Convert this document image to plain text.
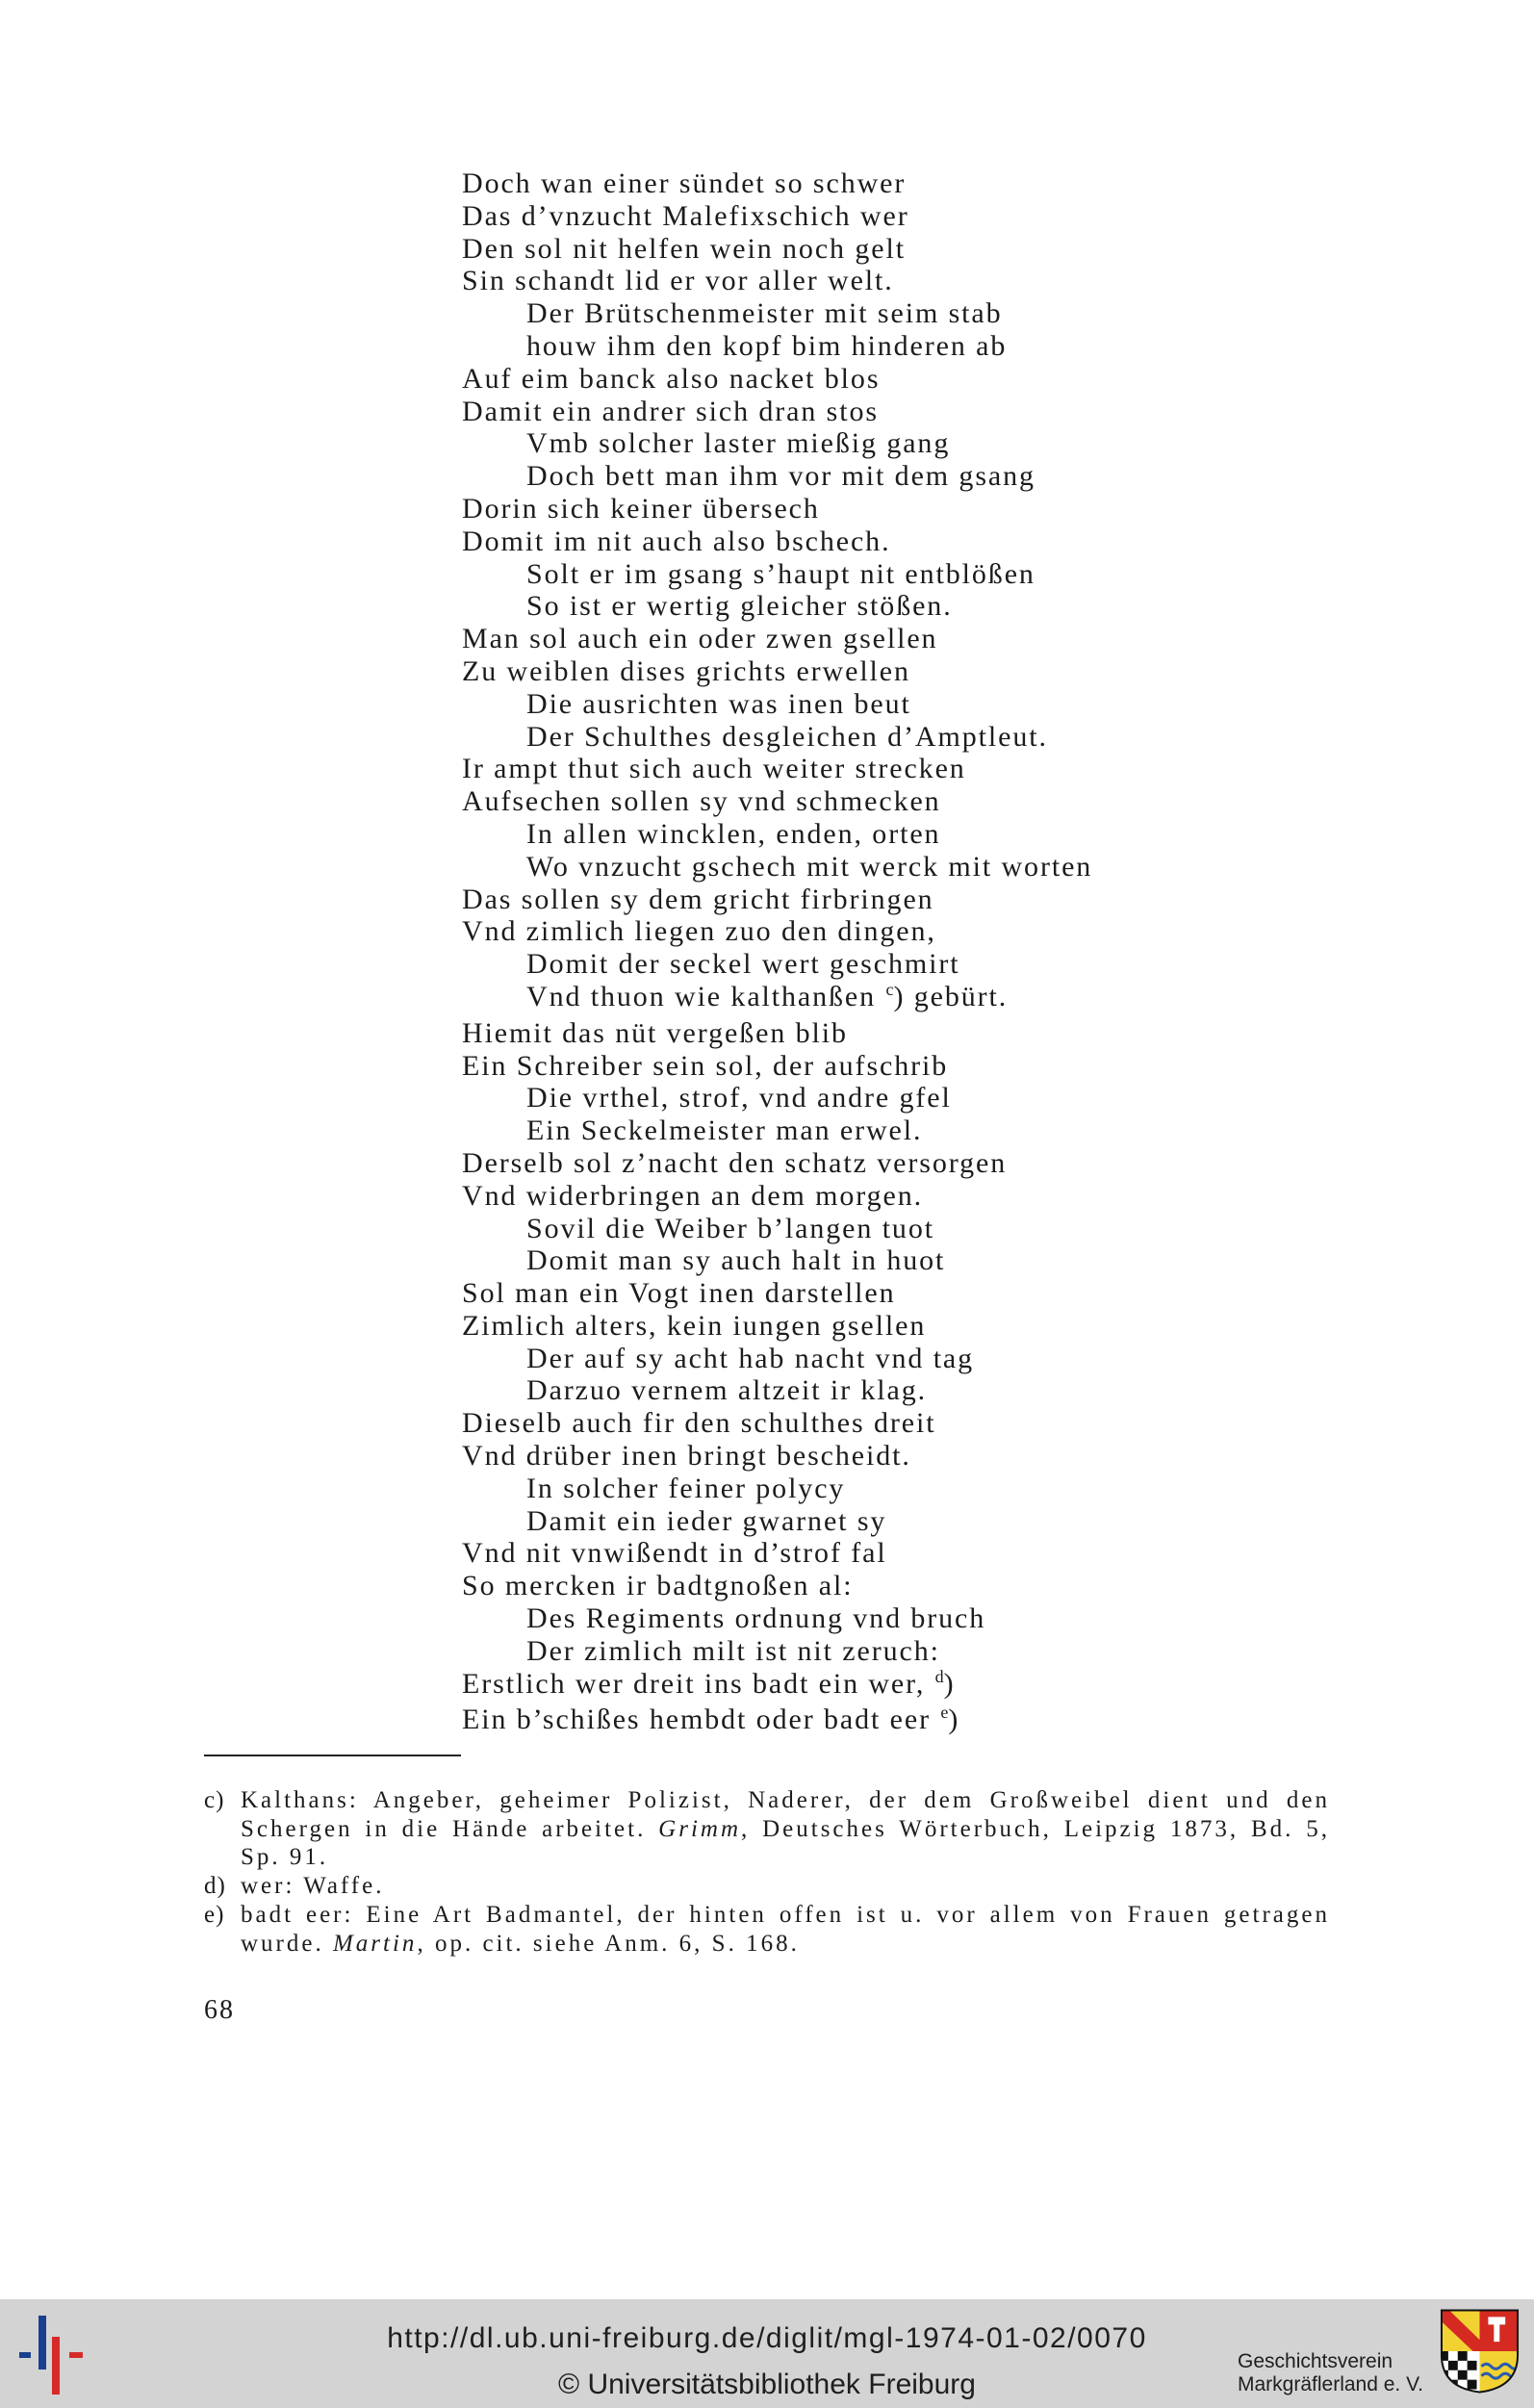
Doch wan einer sündet so schwer
Das d’vnzucht Malefixschich wer
Den sol nit helfen wein noch gelt
Sin schandt lid er vor aller welt.
Der Brütschenmeister mit seim stab
houw ihm den kopf bim hinderen ab
Auf eim banck also nacket blos
Damit ein andrer sich dran stos
Vmb solcher laster mießig gang
Doch bett man ihm vor mit dem gsang
Dorin sich keiner übersech
Domit im nit auch also bschech.
Solt er im gsang s’haupt nit entblößen
So ist er wertig gleicher stößen.
Man sol auch ein oder zwen gsellen
Zu weiblen dises grichts erwellen
Die ausrichten was inen beut
Der Schulthes desgleichen d’Amptleut.
Ir ampt thut sich auch weiter strecken
Aufsechen sollen sy vnd schmecken
In allen wincklen, enden, orten
Wo vnzucht gschech mit werck mit worten
Das sollen sy dem gricht firbringen
Vnd zimlich liegen zuo den dingen,
Domit der seckel wert geschmirt
Vnd thuon wie kalthanßen $^c$) gebürt.
Hiemit das nüt vergeßen blib
Ein Schreiber sein sol, der aufschrib
Die vrthel, strof, vnd andre gfel
Ein Seckelmeister man erwel.
Derselb sol z’nacht den schatz versorgen
Vnd widerbringen an dem morgen.
Sovil die Weiber b’langen tuot
Domit man sy auch halt in huot
Sol man ein Vogt inen darstellen
Zimlich alters, kein iungen gsellen
Der auf sy acht hab nacht vnd tag
Darzuo vernem altzeit ir klag.
Dieselb auch fir den schulthes dreit
Vnd drüber inen bringt bescheidt.
In solcher feiner polycy
Damit ein ieder gwarnet sy
Vnd nit vnwißendt in d’strof fal
So mercken ir badtgnoßen al:
Des Regiments ordnung vnd bruch
Der zimlich milt ist nit zeruch:
Erstlich wer dreit ins badt ein wer, $^d$)
Ein b’schißes hembdt oder badt eer $^e$)
c) Kalthans: Angeber, geheimer Polizist, Naderer, der dem Großweibel dient und den Schergen in die Hände arbeitet. Grimm, Deutsches Wörterbuch, Leipzig 1873, Bd. 5, Sp. 91.
d) wer: Waffe.
e) badt eer: Eine Art Badmantel, der hinten offen ist u. vor allem von Frauen getragen wurde. Martin, op. cit. siehe Anm. 6, S. 168.
68
http://dl.ub.uni-freiburg.de/diglit/mgl-1974-01-02/0070
© Universitätsbibliothek Freiburg
Geschichtsverein
Markgräflerland e. V.
